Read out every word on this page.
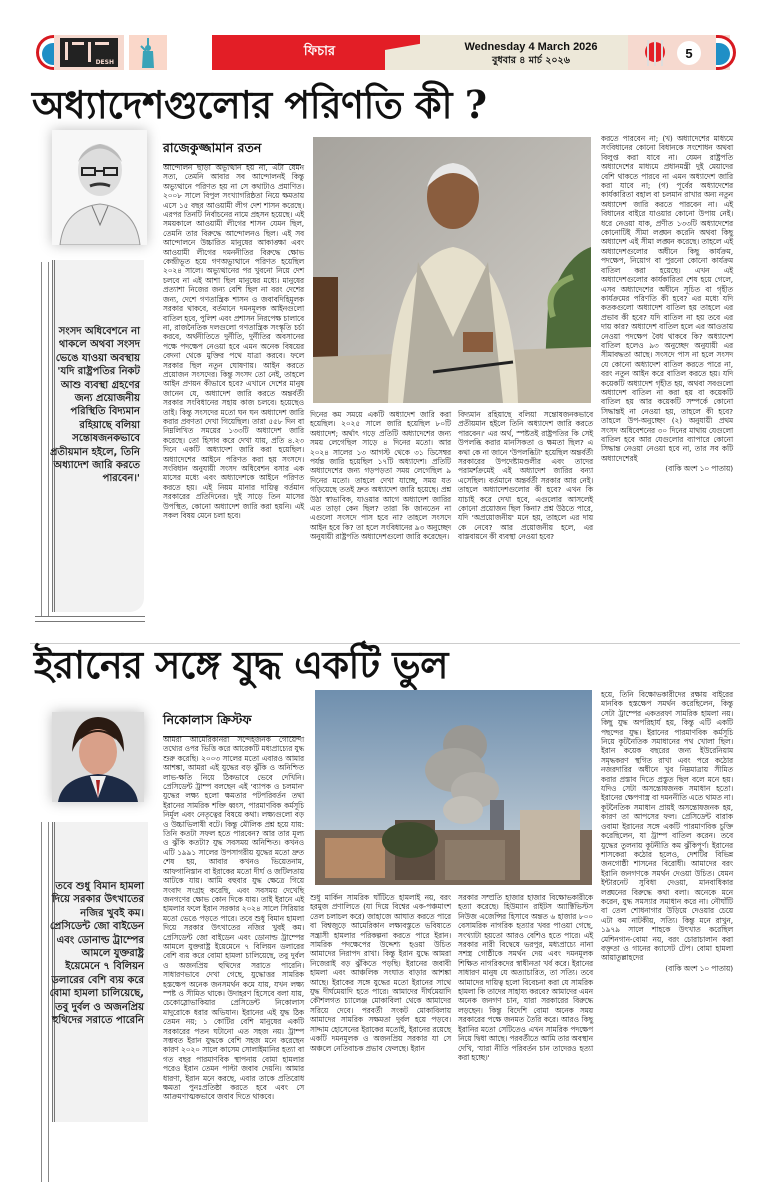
DESH
ফিচার	Wednesday 4 March 2026
বুধবার ৪ মার্চ ২০২৬	5
অধ্যাদেশগুলোর পরিণতি কী ?
সংসদ অধিবেশনে না থাকলে অথবা সংসদ ভেঙে যাওয়া অবস্থায় 'যদি রাষ্ট্রপতির নিকট আশু ব্যবস্থা গ্রহণের জন্য প্রয়োজনীয় পরিস্থিতি বিদ্যমান রহিয়াছে বলিয়া সন্তোষজনকভাবে প্রতীয়মান হইলে, তিনি অধ্যাদেশ জারি করতে পারবেন।'
রাজেকুজ্জামান রতন

আন্দোলন ছাড়া অভ্যুত্থান হয় না, এটা যেমন সত্য, তেমনি আবার সব আন্দোলনই কিন্তু অভ্যুত্থানে পরিণত হয় না সে কথাটাও প্রমাণিত। ২০০৮ সালে বিপুল সংখ্যাগরিষ্ঠতা নিয়ে ক্ষমতায় এসে ১৫ বছর আওয়ামী লীগ দেশ শাসন করেছে। এরপর তিনটি নির্বাচনের নামে প্রহসন হয়েছে। এই সময়কালে আওয়ামী লীগের শাসন যেমন ছিল, তেমনি তার বিরুদ্ধে আন্দোলনও ছিল। এই সব আন্দোলনে উচ্চারিত মানুষের আকাঙ্ক্ষা এবং আওয়ামী লীগের দমননীতির বিরুদ্ধে ক্ষোভ কেন্দ্রীভূত হয়ে গণঅভ্যুত্থানে পরিণত হয়েছিল ২০২৪ সালে। অভ্যুত্থানের পর খুবনো নিয়ে দেশ চলবে না এই আশা ছিল মানুষের মধ্যে। মানুষের প্রত্যাশা নিজের জন্য বেশি ছিল না বরং দেশের জন্য, দেশে গণতান্ত্রিক শাসন ও জবাবদিহিমূলক সরকার থাকবে, বর্তমানে দমনমূলক আইনগুলো বাতিল হবে, পুলিশ এবং প্রশাসন নিরপেক্ষ চালাবে না, রাজনৈতিক দলগুলো গণতান্ত্রিক সংস্কৃতি চর্চা করবে, অর্থনীতিতে দুর্নীতি, দুর্নীতির অবসানের পক্ষে পদক্ষেপ নেওয়া হবে এমন অনেক বিষয়ের বেদনা থেকে মুক্তির পথে যাত্রা করবে। ফলে সরকার ছিল নতুন ঘোষণায়। আইন করতে প্রয়োজন সংসদের। কিন্তু সংসদ তো নেই, তাহলে আইন প্রণয়ন কীভাবে হবে? এখানে দেশের মানুষ জানেন যে, অধ্যাদেশ জারি করতে অন্তর্বর্তী সরকার সংবিধানের সহায় কাজ চলবে। হয়েছেও তাই। কিন্তু সংসদের মতো ঘন ঘন অধ্যাদেশ জারি করার প্রবণতা দেখা গিয়েছিল। তারা ৫৫৮ দিন বা নিম্নলিখিত সময়ের ১৩৩টি অধ্যাদেশ জারি করেছে। তো হিসাব করে দেখা যায়, প্রতি ৪.২৩ দিনে একটি অধ্যাদেশ জারি করা হয়েছিল। অধ্যাদেশের আইনে পরিণত করা হয় সংসদে। সংবিধান অনুযায়ী সংসদ অধিবেশন বসার এক মাসের মধ্যে এবং অধ্যাদেশকে আইনে পরিণত করতে হয়। এই নিয়ম মানার দায়িত্ব বর্তমান সরকারের প্রতিদিনের। দুই সাড়ে তিন মাসের উপস্থিত, কোনো অধ্যাদেশ জারি করা হয়নি। এই সকল বিষয় মেনে চলা হবে।

দিনের কম সময়ে একটি অধ্যাদেশ জারি করা হয়েছিল। ২০২৫ সালে জারি হয়েছিল ৮০টি অধ্যাদেশ; অর্থাৎ গড়ে প্রতিটি অধ্যাদেশের জন্য সময় লেগেছিল সাড়ে ৪ দিনের মতো। আর ২০২৪ সালের ১৩ আগস্ট থেকে ৩১ ডিসেম্বর পর্যন্ত জারি হয়েছিল ১৭টি অধ্যাদেশ। প্রতিটি অধ্যাদেশের জন্য গড়পড়তা সময় লেগেছিল ৯ দিনের মতো। তাহলে দেখা যাচ্ছে, সময় যত গড়িয়েছে ততই দ্রুত অধ্যাদেশ জারি হয়েছে। প্রশ্ন উঠা স্বাভাবিক, যাওয়ার আগে অধ্যাদেশ জারির এত তাড়া কেন ছিল? তারা কি জানতেন না এগুলো সংসদে পাস হবে না? তাহলে সংসদে আইন হবে কি? তা হলে সংবিধানের ৯৩ অনুচ্ছেদ অনুযায়ী রাষ্ট্রপতি অধ্যাদেশগুলো জারি করেছেন।

বিদ্যমান রহিয়াছে বলিয়া সন্তোষজনকভাবে প্রতীয়মান হইলে তিনি অধ্যাদেশ জারি করতে পারবেন।' এর অর্থ, স্পষ্টতই রাষ্ট্রপতির কি সেই উপলব্ধি করার মানসিকতা ও ক্ষমতা ছিল? এ কথা কে না জানে 'উপলব্ধিটা' হয়েছিল অন্তর্বর্তী সরকারের উপদেষ্টামণ্ডলীর এবং তাদের পরামর্শক্রমেই এই অধ্যাদেশ জারির বন্যা এসেছিল। বর্তমানে অন্তর্বর্তী সরকার আর নেই। তাহলে অধ্যাদেশগুলোর কী হবে? এখন কি যাচাই করে দেখা হবে, এগুলোর আসলেই কোনো প্রয়োজন ছিল কিনা? প্রশ্ন উঠতে পারে, যদি 'অপ্রয়োজনীয়' মনে হয়, তাহলে এর দায় কে নেবে? আর প্রয়োজনীয় হলে, এর বাস্তবায়নে কী ব্যবস্থা নেওয়া হবে?

করতে পারবেন না; (খ) অধ্যাদেশের মাধ্যমে সংবিধানের কোনো বিধানকে সংশোধন অথবা বিলুপ্ত করা যাবে না। যেমন রাষ্ট্রপতি অধ্যাদেশের মাধ্যমে প্রধানমন্ত্রী দুই মেয়াদের বেশি থাকতে পারবে না এমন অধ্যাদেশ জারি করা যাবে না; (গ) পূর্বের অধ্যাদেশের কার্যকারিতা বহাল বা চলমান রাখার অন্য নতুন অধ্যাদেশ জারি করতে পারবেন না। এই বিধানের বাইরে যাওয়ার কোনো উপায় নেই। ধরে নেওয়া যাক, প্রণীত ১৩৩টি অধ্যাদেশের কোনোটিই সীমা লঙ্ঘন করেনি অথবা কিছু অধ্যাদেশ এই সীমা লঙ্ঘন করেছে। তাহলে এই অধ্যাদেশগুলোর অধীনে কিছু কার্যক্রম, পদক্ষেপ, নিয়োগ বা পুরনো কোনো কার্যক্রম বাতিল করা হয়েছে। এখন এই অধ্যাদেশগুলোর কার্যকারিতা শেষ হয়ে গেলে, এসব অধ্যাদেশের অধীনে সূচিত বা গৃহীত কার্যক্রমের পরিণতি কী হবে? এর মধ্যে যদি কতকগুলো অধ্যাদেশ বাতিল হয় তাহলে এর প্রভাব কী হবে? যদি বাতিল না হয় তবে এর দায় কার? অধ্যাদেশ বাতিল হলে এর আওতায় নেওয়া পদক্ষেপ বৈধ থাকবে কি? অধ্যাদেশ বাতিল হলেও ৯৩ অনুচ্ছেদ অনুযায়ী এর সীমাবদ্ধতা আছে। সংসদে পাস না হলে সংসদ যে কোনো অধ্যাদেশ বাতিল করতে পারে না, বরং নতুন আইন করে বাতিল করতে হয়। যদি কয়েকটি অধ্যাদেশ গৃহীত হয়, অথবা সবগুলো অধ্যাদেশ বাতিল না করা হয় বা কয়েকটি বাতিল হয় আর কয়েকটি সম্পর্কে কোনো সিদ্ধান্তই না নেওয়া হয়, তাহলে কী হবে? তাহলে উপ-অনুচ্ছেদ (২) অনুযায়ী প্রথম সংসদ অধিবেশনের ৩০ দিনের মাথায় যেগুলো বাতিল হবে আর যেগুলোর ব্যাপারে কোনো সিদ্ধান্ত নেওয়া নেওয়া হবে না, তার সব কটি অধ্যাদেশেরই

(বাকি অংশ ১০ পাতায়)
ইরানের সঙ্গে যুদ্ধ একটি ভুল
তবে শুধু বিমান হামলা দিয়ে সরকার উৎখাতের নজির খুবই কম। প্রেসিডেন্ট জো বাইডেন এবং ডোনাল্ড ট্রাম্পের আমলে যুক্তরাষ্ট্র ইয়েমেনে ৭ বিলিয়ন ডলারের বেশি ব্যয় করে বোমা হামলা চালিয়েছে, তবু দুর্বল ও অজনপ্রিয় হুথিদের সরাতে পারেনি
নিকোলাস ক্রিস্টফ

আমরা আমেরিকানরা সন্দেহজনক গোয়েন্দা তথ্যের ওপর ভিত্তি করে আরেকটি মধ্যপ্রাচ্যের যুদ্ধ শুরু করেছি। ২০০৩ সালের মতো এবারও আমার আশঙ্কা, আমরা এই যুদ্ধের বড় ঝুঁকি ও অনিশ্চিত লাভ-ক্ষতি নিয়ে ঠিকভাবে ভেবে দেখিনি। প্রেসিডেন্ট ট্রাম্প বলছেন এই 'ব্যাপক ও চলমান' যুদ্ধের লক্ষ্য হলো ক্ষমতার পটপরিবর্তন তথা ইরানের সামরিক শক্তি ধ্বংস, পারমাণবিক কর্মসূচি নির্মূল এবং নেতৃত্বের বিষয়ে কথা। লক্ষ্যগুলো বড় ও উচ্চাভিলাষী বটে। কিন্তু মৌলিক প্রশ্ন হয়ে যায়: তিনি কতটা সফল হতে পারবেন? আর তার মূল্য ও ঝুঁকি কতটা? যুদ্ধ সবসময় অনিশ্চিত। কখনও এটি ১৯৯১ সালের উপসাগরীয় যুদ্ধের মতো দ্রুত শেষ হয়, আবার কখনও ভিয়েতনাম, আফগানিস্তান বা ইরাকের মতো দীর্ঘ ও জটিলতায় আটকে যায়। আমি বহুবার যুদ্ধ ক্ষেত্রে গিয়ে সংবাদ সংগ্রহ করেছি, এবং সবসময় দেখেছি জনগণের ক্ষোভ কোন দিকে যায়। তাই ইরানে এই হামলার ফলে ইরান সরকার ২০২৪ সালে সিরিয়ার মতো ভেঙে পড়তে পারে। তবে শুধু বিমান হামলা দিয়ে সরকার উৎখাতের নজির খুবই কম। প্রেসিডেন্ট জো বাইডেন এবং ডোনাল্ড ট্রাম্পের আমলে যুক্তরাষ্ট্র ইয়েমেনে ৭ বিলিয়ন ডলারের বেশি ব্যয় করে বোমা হামলা চালিয়েছে, তবু দুর্বল ও অজনপ্রিয় হুথিদের সরাতে পারেনি। সাধারণভাবে দেখা গেছে, যুদ্ধোত্তর সামরিক হস্তক্ষেপ অনেক জনসমর্থন কমে যায়, যখন লক্ষ্য স্পষ্ট ও সীমিত থাকে। উদাহরণ হিসেবে বলা যায়, চেকোস্লোভাকিয়ার প্রেসিডেন্ট নিকোলাস মাদুরোকে ধরার অভিযান। ইরানের এই যুদ্ধ ঠিক তেমন নয়; ১ কোটির বেশি মানুষের একটি সরকারের পতন ঘটানো এত সহজ নয়। ট্রাম্প সম্ভবত ইরান যুদ্ধকে বেশি সহজ মনে করেছেন কারণ ২০২০ সালে কাসেম সোলাইমানির হত্যা বা গত বছর পারমাণবিক স্থাপনায় বোমা হামলার পরেও ইরান তেমন পাল্টা জবাব দেয়নি। আমার ধারণা, ইরান মনে করছে, এবার তাকে প্রতিরোধ ক্ষমতা পুনঃপ্রতিষ্ঠা করতে হবে এবং সে আক্রমণাত্মকভাবে জবাব দিতে থাকবে।

শুধু মার্কিন সামরিক ঘাঁটিতে হামলাই নয়, বরং হরমুজ প্রণালিতে (যা দিয়ে বিশ্বের এক-পঞ্চমাংশ তেল চলাচল করে) জাহাজে আঘাত করতে পারে বা বিশ্বজুড়ে আমেরিকান লক্ষ্যবস্তুতে ভবিষ্যতে সন্ত্রাসী হামলার পরিকল্পনা করতে পারে ইরান। সামরিক পদক্ষেপের উদ্দেশ্য হওয়া উচিত আমাদের নিরাপদ রাখা। কিন্তু ইরান যুদ্ধে আমরা নিজেরাই বড় ঝুঁকিতে পড়ছি। ইরানের জবাবী হামলা এবং আঞ্চলিক সংঘাত বাড়ার আশঙ্কা আছে। ইরাকের সঙ্গে যুদ্ধের মতো ইরানের সাথে যুদ্ধ দীর্ঘমেয়াদি হতে পারে। আমাদের দীর্ঘমেয়াদি কৌশলগত চ্যালেঞ্জ মোকাবিলা থেকে আমাদের সরিয়ে দেবে। পরবর্তী সংকট মোকাবিলায় আমাদের সামরিক সক্ষমতা দুর্বল হয়ে পড়বে। সাদ্দাম হোসেনের ইরাকের মতোই, ইরানের রয়েছে একটি দমনমূলক ও অজনপ্রিয় সরকার যা সে অঞ্চলে নেতিবাচক প্রভাব ফেলছে। ইরান

সরকার সম্প্রতি হাজার হাজার বিক্ষোভকারীকে হত্যা করেছে। হিউম্যান রাইটস অ্যাক্টিভিস্টস নিউজ এজেন্সির হিসাবে অন্তত ৬ হাজার ৮০০ বেসামরিক নাগরিক হত্যার খবর পাওয়া গেছে, সংখ্যাটা হয়তো আরও বেশিও হতে পারে। এই সরকার নারী বিদ্বেষে ভরপুর, মধ্যপ্রাচ্যে নানা সশস্ত্র গোষ্ঠীকে সমর্থন দেয় এবং দমনমূলক শিক্ষিত নাগরিকদের স্বাধীনতা খর্ব করে। ইরানের সাধারণ মানুষ যে অত্যাচারিত, তা সত্যি। তবে আমাদের দায়িত্ব হলো বিবেচনা করা যে সামরিক হামলা কি তাদের সাহায্য করবে? আমাদের এমন অনেক জনগণ চান, যারা সরকারের বিরুদ্ধে লড়ছেন। কিন্তু বিদেশি বোমা অনেক সময় সরকারের পক্ষে জনমত তৈরি করে। আরও কিছু ইরানির মতো সেটিতেও এখন সামরিক পদক্ষেপ নিয়ে দ্বিধা আছে। পরবর্তীতে আমি তার অবস্থান দেখি, 'যারা নীতি পরিবর্তন চান তাদেরও হত্যা করা হচ্ছে।'

হয়ে, তিনি বিক্ষোভকারীদের রক্ষায় বাইরের মানবিক হস্তক্ষেপ সমর্থন করেছিলেন, কিন্তু সেটা ট্রাম্পের একতরফা সামরিক হামলা নয়। কিছু যুদ্ধ অপরিহার্য হয়, কিন্তু এটি একটি পছন্দের যুদ্ধ। ইরানের পারমাণবিক কর্মসূচি নিয়ে কূটনৈতিক সমাধানের পথ খোলা ছিল। ইরান কয়েক বছরের জন্য ইউরেনিয়াম সমৃদ্ধকরণ স্থগিত রাখা এবং পরে কঠোর নজরদারির অধীনে খুব নিম্নমাত্রায় সীমিত করার প্রস্তাব দিতে প্রস্তুত ছিল বলে মনে হয়। যদিও সেটা অসন্তোষজনক সমাধান হতো। ইরানের ক্ষেপণাস্ত্র বা দমননীতি এতে থামত না। কূটনৈতিক সমাধান প্রায়ই অসন্তোষজনক হয়, কারণ তা আপসের ফল। প্রেসিডেন্ট বারাক ওবামা ইরানের সঙ্গে একটি পারমাণবিক চুক্তি করেছিলেন, যা ট্রাম্প বাতিল করেন। তবে যুদ্ধের তুলনায় কূটনীতি কম ঝুঁকিপূর্ণ। ইরানের শাসকেরা কঠোর হলেও, দেশটির বিভিন্ন জনগোষ্ঠী শাসনের বিরোধী। আমাদের বরং ইরানি জনগণকে সমর্থন দেওয়া উচিত। যেমন ইন্টারনেট সুবিধা দেওয়া, মানবাধিকার লঙ্ঘনের বিরুদ্ধে কথা বলা। অনেকে মনে করেন, যুদ্ধ সমস্যার সমাধান করে না। নৌঘাঁটি বা তেল শোধনাগার উড়িয়ে দেওয়ার চেয়ে এটা কম নাটকীয়, সত্যি। কিন্তু মনে রাখুন, ১৯৭৯ সালে শাহকে উৎখাত করেছিল মেশিনগান-বোমা নয়, বরং চোরাচালান করা বক্তৃতা ও গানের ক্যাসেট টেপ। বোমা হামলা আয়াতুল্লাহদের

(বাকি অংশ ১০ পাতায়)
